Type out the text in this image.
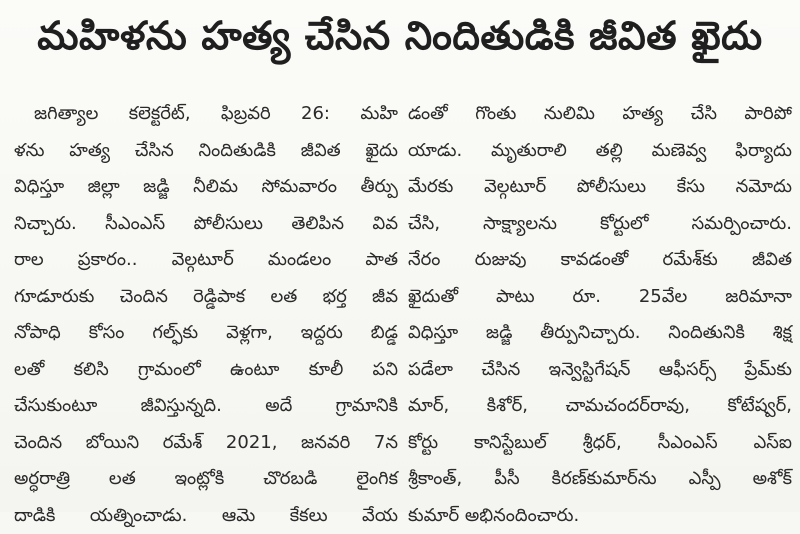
మహిళను హత్య చేసిన నిందితుడికి జీవిత ఖైదు
జగిత్యాల కలెక్టరేట్, ఫిబ్రవరి 26: మహి
ళను హత్య చేసిన నిందితుడికి జీవిత ఖైదు
విధిస్తూ జిల్లా జడ్జి నీలిమ సోమవారం తీర్పు
నిచ్చారు. సీఎంఎస్ పోలీసులు తెలిపిన వివ
రాల ప్రకారం.. వెల్గటూర్ మండలం పాత
గూడూరుకు చెందిన రెడ్డిపాక లత భర్త జీవ
నోపాధి కోసం గల్ఫ్‌కు వెళ్లగా, ఇద్దరు బిడ్డ
లతో కలిసి గ్రామంలో ఉంటూ కూలీ పని
చేసుకుంటూ జీవిస్తున్నది. అదే గ్రామానికి
చెందిన బోయిని రమేశ్ 2021, జనవరి 7న
అర్ధరాత్రి లత ఇంట్లోకి చొరబడి లైంగిక
దాడికి యత్నించాడు. ఆమె కేకలు వేయ
డంతో గొంతు నులిమి హత్య చేసి పారిపో
యాడు. మృతురాలి తల్లి మణెవ్వ ఫిర్యాదు
మేరకు వెల్గటూర్ పోలీసులు కేసు నమోదు
చేసి, సాక్ష్యాలను కోర్టులో సమర్పించారు.
నేరం రుజువు కావడంతో రమేశ్‌కు జీవిత
ఖైదుతో పాటు రూ. 25వేల జరిమానా
విధిస్తూ జడ్జి తీర్పునిచ్చారు. నిందితునికి శిక్ష
పడేలా చేసిన ఇన్వెస్టిగేషన్ ఆఫీసర్స్ ప్రేమ్‌కు
మార్, కిశోర్, చామచందర్‌రావు, కోటేష్వర్,
కోర్టు కానిస్టేబుల్ శ్రీధర్, సీఎంఎస్ ఎస్ఐ
శ్రీకాంత్, పీసీ కిరణ్‌కుమార్‌ను ఎస్పీ అశోక్
కుమార్ అభినందించారు.
